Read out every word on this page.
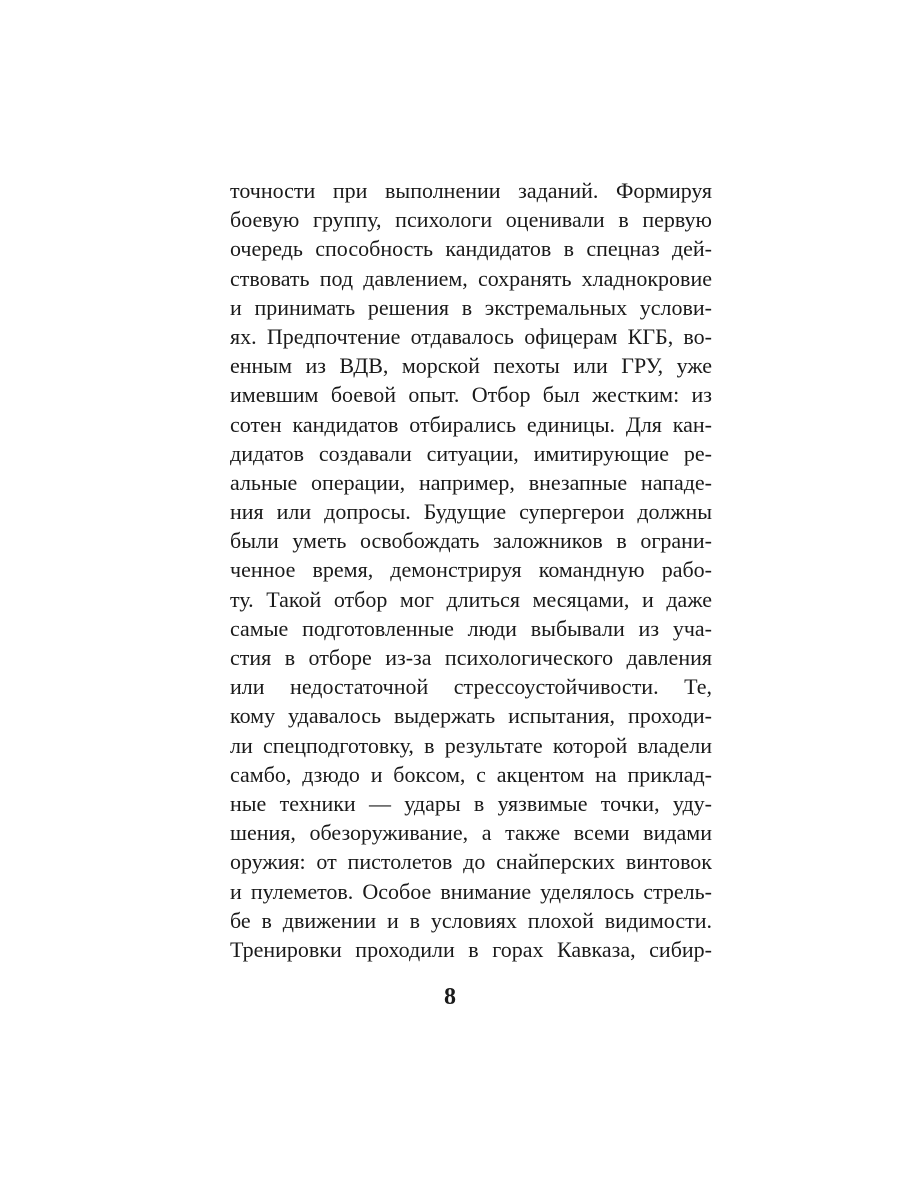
точности при выполнении заданий. Формируя
боевую группу, психологи оценивали в первую
очередь способность кандидатов в спецназ дей-
ствовать под давлением, сохранять хладнокровие
и принимать решения в экстремальных услови-
ях. Предпочтение отдавалось офицерам КГБ, во-
енным из ВДВ, морской пехоты или ГРУ, уже
имевшим боевой опыт. Отбор был жестким: из
сотен кандидатов отбирались единицы. Для кан-
дидатов создавали ситуации, имитирующие ре-
альные операции, например, внезапные нападе-
ния или допросы. Будущие супергерои должны
были уметь освобождать заложников в ограни-
ченное время, демонстрируя командную рабо-
ту. Такой отбор мог длиться месяцами, и даже
самые подготовленные люди выбывали из уча-
стия в отборе из-за психологического давления
или недостаточной стрессоустойчивости. Те,
кому удавалось выдержать испытания, проходи-
ли спецподготовку, в результате которой владели
самбо, дзюдо и боксом, с акцентом на приклад-
ные техники — удары в уязвимые точки, уду-
шения, обезоруживание, а также всеми видами
оружия: от пистолетов до снайперских винтовок
и пулеметов. Особое внимание уделялось стрель-
бе в движении и в условиях плохой видимости.
Тренировки проходили в горах Кавказа, сибир-
8
